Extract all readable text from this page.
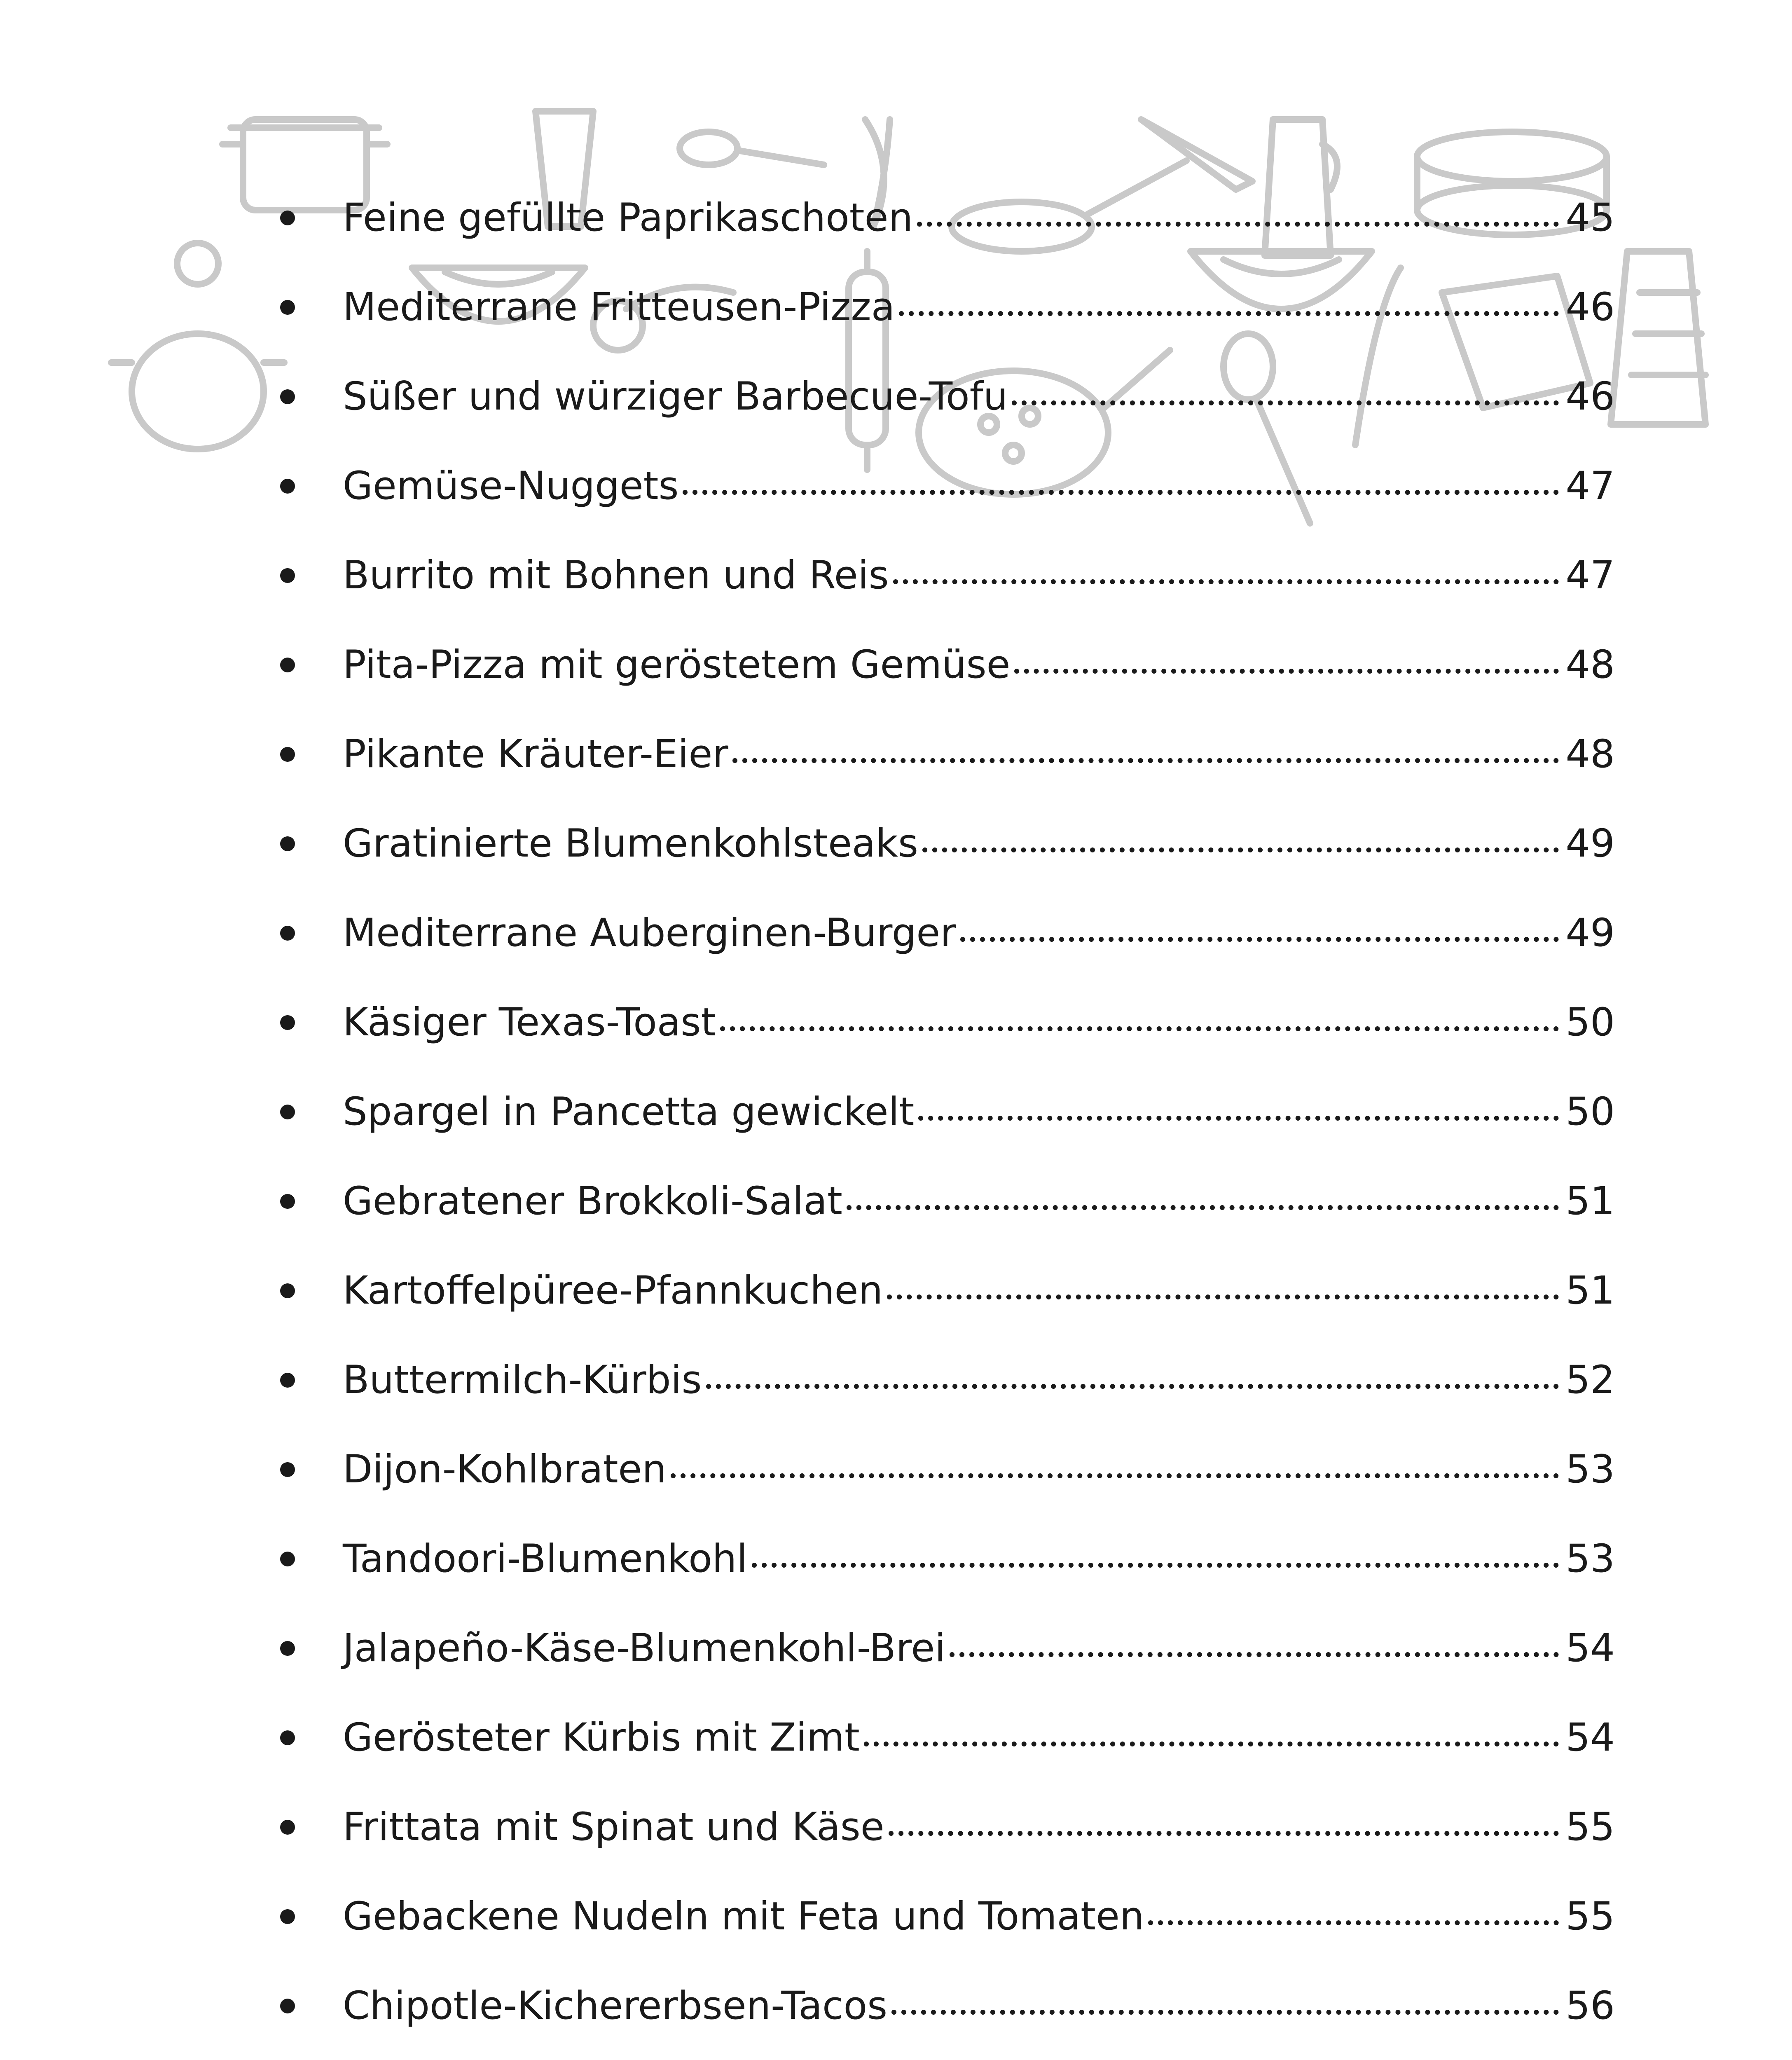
Feine gefüllte Paprikaschoten	45
Mediterrane Fritteusen-Pizza	46
Süßer und würziger Barbecue-Tofu	46
Gemüse-Nuggets	47
Burrito mit Bohnen und Reis	47
Pita-Pizza mit geröstetem Gemüse	48
Pikante Kräuter-Eier	48
Gratinierte Blumenkohlsteaks	49
Mediterrane Auberginen-Burger	49
Käsiger Texas-Toast	50
Spargel in Pancetta gewickelt	50
Gebratener Brokkoli-Salat	51
Kartoffelpüree-Pfannkuchen	51
Buttermilch-Kürbis	52
Dijon-Kohlbraten	53
Tandoori-Blumenkohl	53
Jalapeño-Käse-Blumenkohl-Brei	54
Gerösteter Kürbis mit Zimt	54
Frittata mit Spinat und Käse	55
Gebackene Nudeln mit Feta und Tomaten	55
Chipotle-Kichererbsen-Tacos	56
